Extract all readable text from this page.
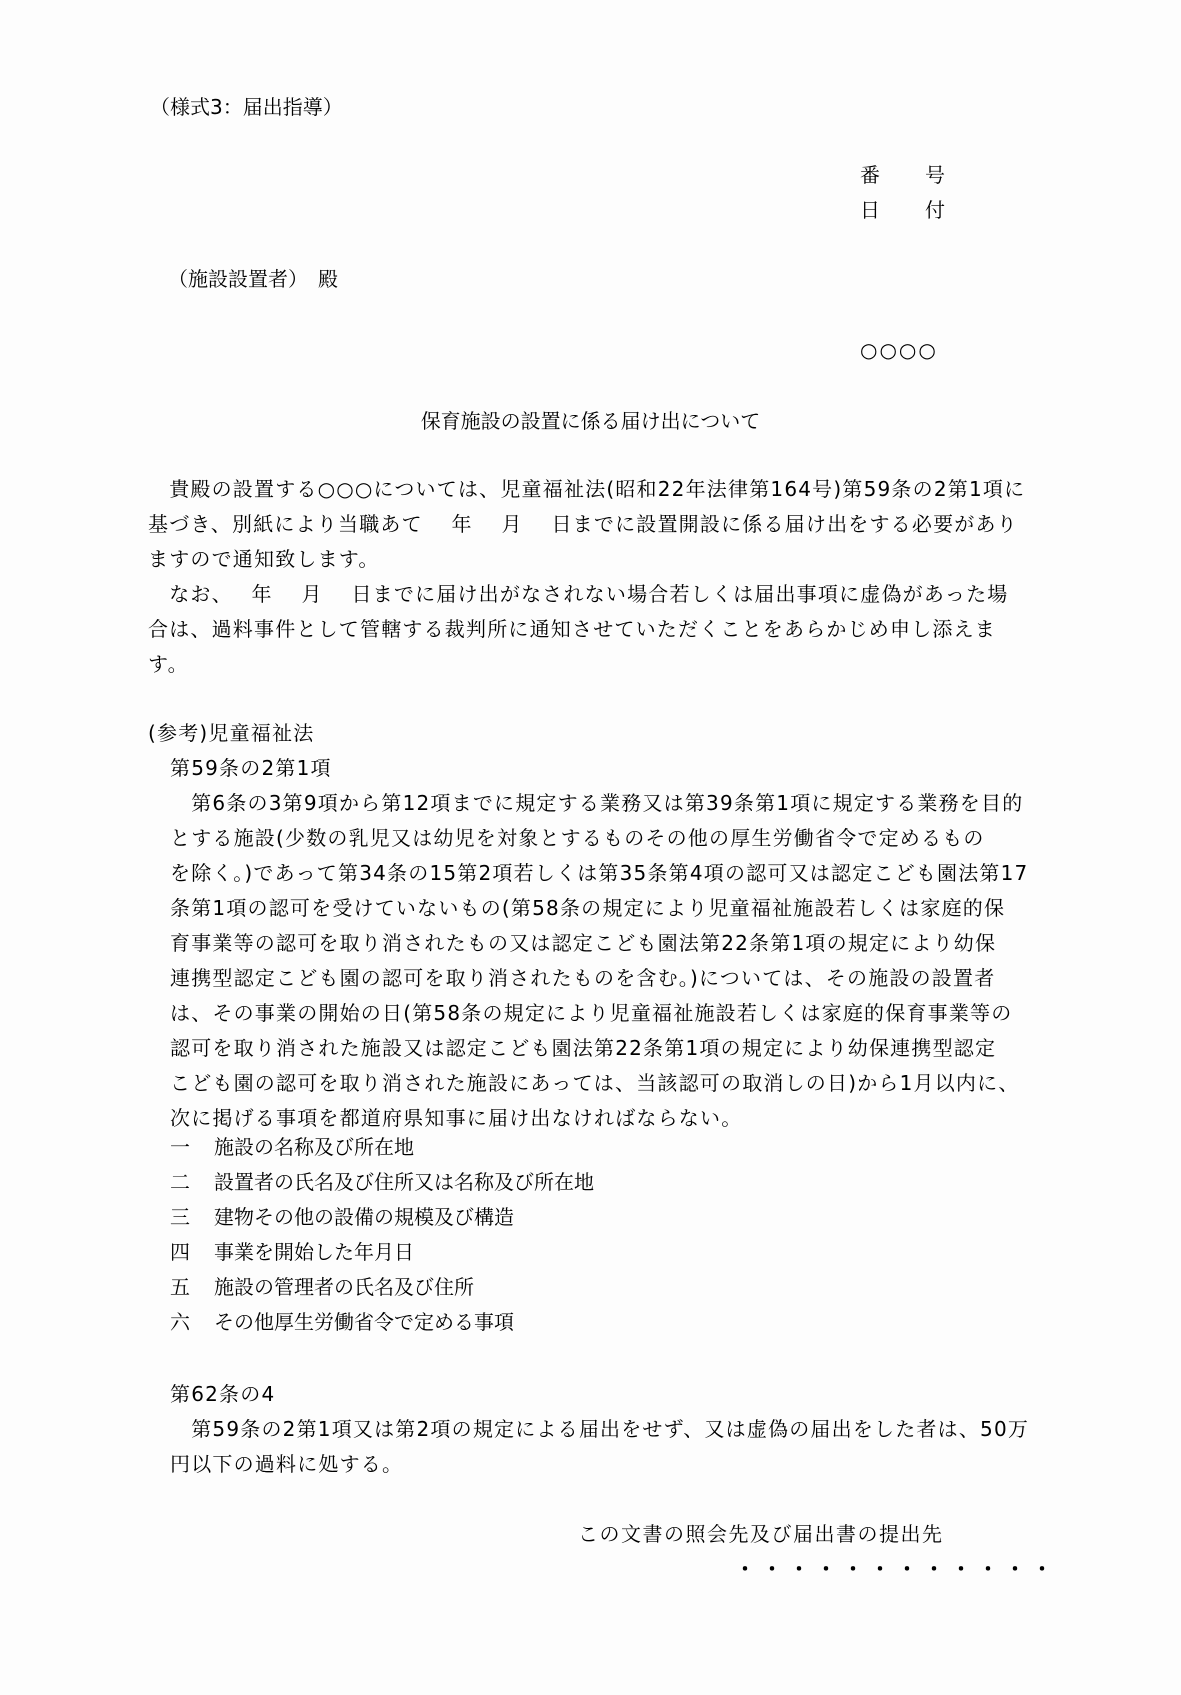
（様式3：届出指導）
番 号
日 付
（施設設置者）　殿
○○○○
保育施設の設置に係る届け出について
　貴殿の設置する○○○については、児童福祉法(昭和22年法律第164号)第59条の2第1項に
基づき、別紙により当職あて　 年　 月　 日までに設置開設に係る届け出をする必要があり
ますので通知致します。
　なお、　 年　 月　 日までに届け出がなされない場合若しくは届出事項に虚偽があった場
合は、過料事件として管轄する裁判所に通知させていただくことをあらかじめ申し添えま
す。
(参考)児童福祉法
第59条の2第1項
　第6条の3第9項から第12項までに規定する業務又は第39条第1項に規定する業務を目的
とする施設(少数の乳児又は幼児を対象とするものその他の厚生労働省令で定めるもの
を除く。)であって第34条の15第2項若しくは第35条第4項の認可又は認定こども園法第17
条第1項の認可を受けていないもの(第58条の規定により児童福祉施設若しくは家庭的保
育事業等の認可を取り消されたもの又は認定こども園法第22条第1項の規定により幼保
連携型認定こども園の認可を取り消されたものを含む。)については、その施設の設置者
は、その事業の開始の日(第58条の規定により児童福祉施設若しくは家庭的保育事業等の
認可を取り消された施設又は認定こども園法第22条第1項の規定により幼保連携型認定
こども園の認可を取り消された施設にあっては、当該認可の取消しの日)から1月以内に、
次に掲げる事項を都道府県知事に届け出なければならない。
一	施設の名称及び所在地
二	設置者の氏名及び住所又は名称及び所在地
三	建物その他の設備の規模及び構造
四	事業を開始した年月日
五	施設の管理者の氏名及び住所
六	その他厚生労働省令で定める事項
第62条の4
　第59条の2第1項又は第2項の規定による届出をせず、又は虚偽の届出をした者は、50万
円以下の過料に処する。
この文書の照会先及び届出書の提出先
・・・・・・・・・・・・
